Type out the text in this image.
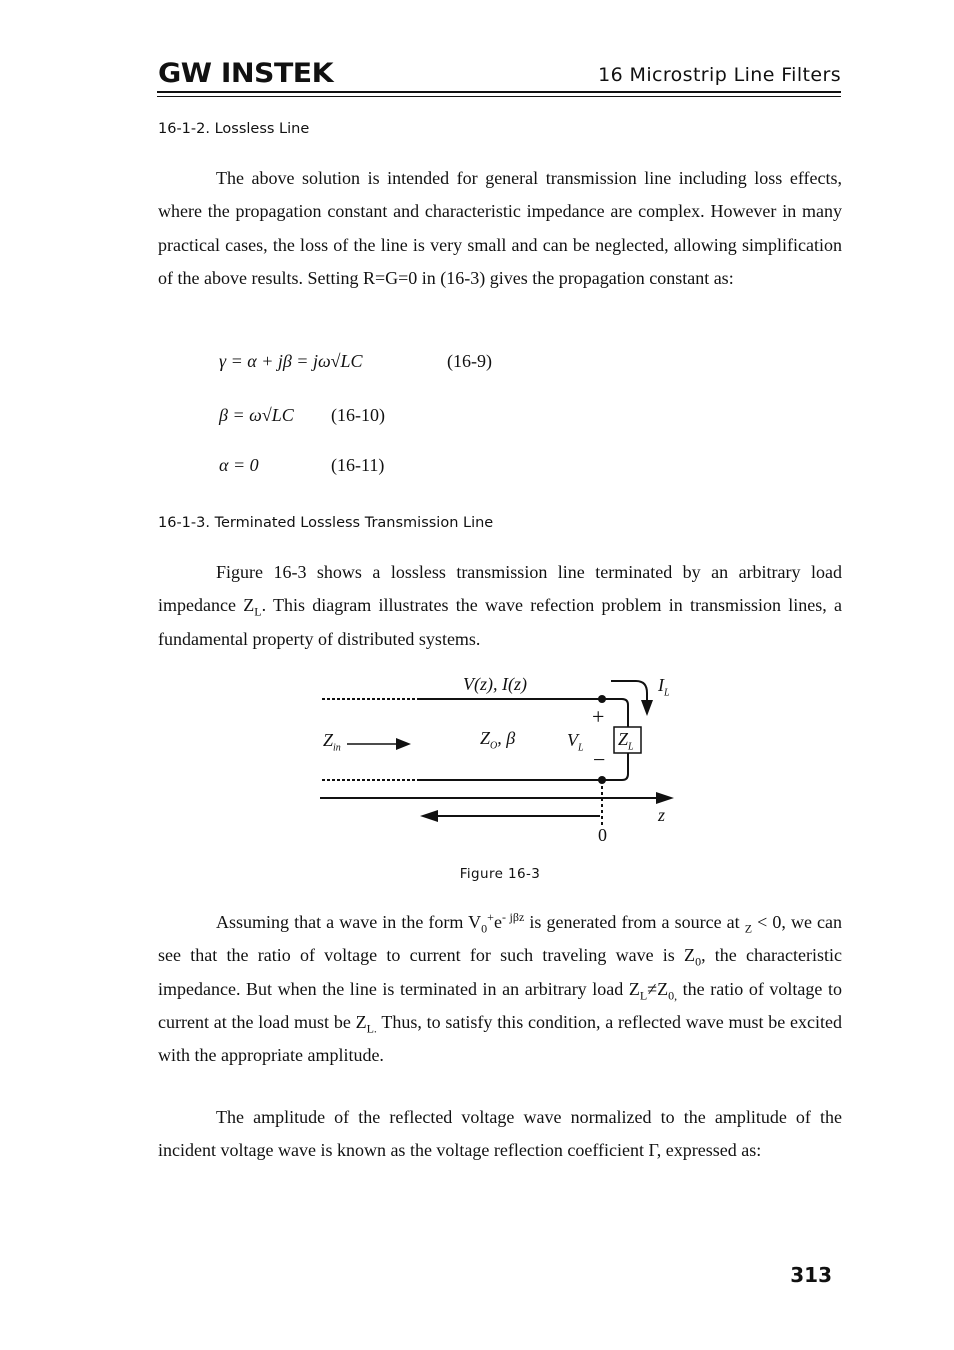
GW INSTEK	16 Microstrip Line Filters
16-1-2. Lossless Line
The above solution is intended for general transmission line including loss effects, where the propagation constant and characteristic impedance are complex. However in many practical cases, the loss of the line is very small and can be neglected, allowing simplification of the above results. Setting R=G=0 in (16-3) gives the propagation constant as:
γ = α + jβ = jω√LC	(16-9)
β = ω√LC (16-10)
α = 0	(16-11)
16-1-3. Terminated Lossless Transmission Line
Figure 16-3 shows a lossless transmission line terminated by an arbitrary load impedance $Z_L$. This diagram illustrates the wave refection problem in transmission lines, a fundamental property of distributed systems.
V(z), I(z)	$I_L$
$Z_{in}$
$Z_O$, β	$V_L$ $Z_L$
+
−
z
0
Figure 16-3
Assuming that a wave in the form $V_0^+e^{- j\beta z}$ is generated from a source at $_Z$ < 0, we can see that the ratio of voltage to current for such traveling wave is $Z_0$, the characteristic impedance. But when the line is terminated in an arbitrary load $Z_L\ne Z_{0,}$ the ratio of voltage to current at the load must be $Z_{L.}$ Thus, to satisfy this condition, a reflected wave must be excited with the appropriate amplitude.
The amplitude of the reflected voltage wave normalized to the amplitude of the incident voltage wave is known as the voltage reflection coefficient Γ, expressed as:
313
